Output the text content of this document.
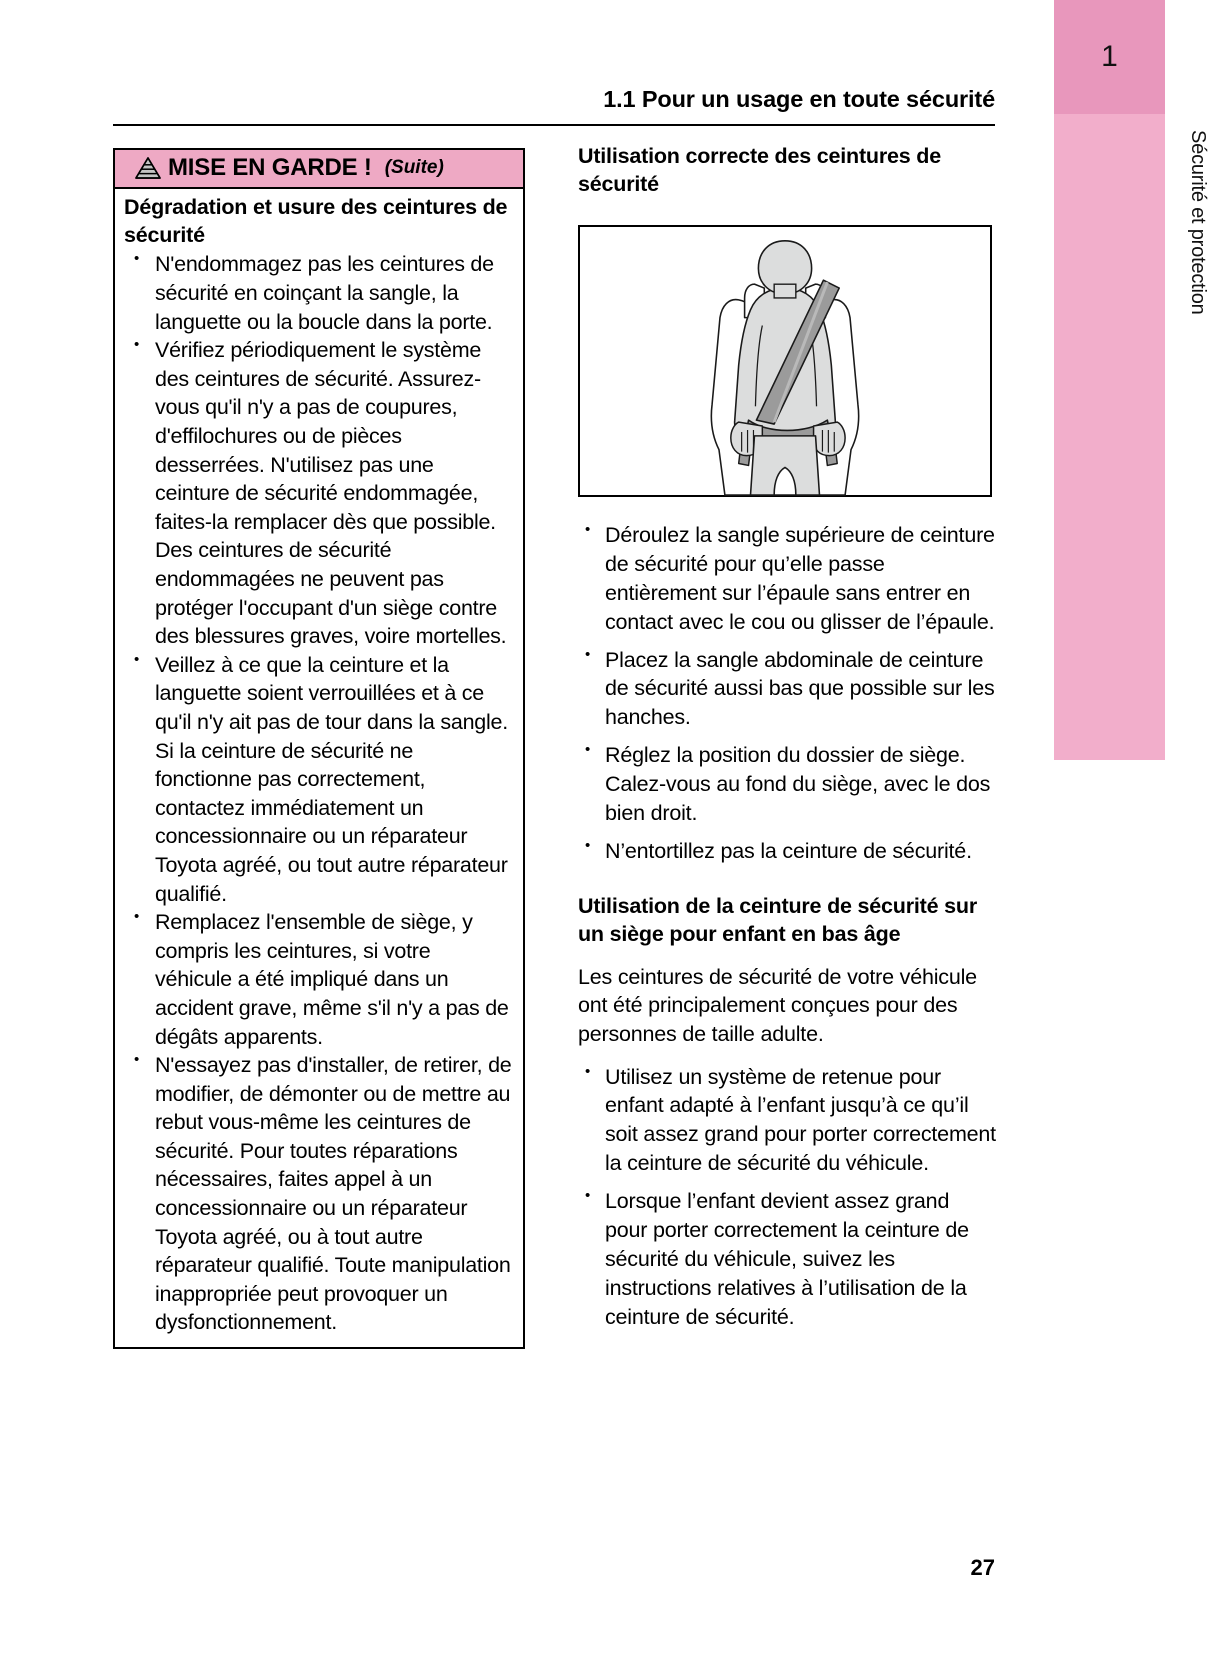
1
Sécurité et protection
1.1 Pour un usage en toute sécurité
MISE EN GARDE ! (Suite)

Dégradation et usure des ceintures de sécurité

• N'endommagez pas les ceintures de sécurité en coinçant la sangle, la languette ou la boucle dans la porte.
• Vérifiez périodiquement le système des ceintures de sécurité. Assurez-vous qu'il n'y a pas de coupures, d'effilochures ou de pièces desserrées. N'utilisez pas une ceinture de sécurité endommagée, faites-la remplacer dès que possible. Des ceintures de sécurité endommagées ne peuvent pas protéger l'occupant d'un siège contre des blessures graves, voire mortelles.
• Veillez à ce que la ceinture et la languette soient verrouillées et à ce qu'il n'y ait pas de tour dans la sangle. Si la ceinture de sécurité ne fonctionne pas correctement, contactez immédiatement un concessionnaire ou un réparateur Toyota agréé, ou tout autre réparateur qualifié.
• Remplacez l'ensemble de siège, y compris les ceintures, si votre véhicule a été impliqué dans un accident grave, même s'il n'y a pas de dégâts apparents.
• N'essayez pas d'installer, de retirer, de modifier, de démonter ou de mettre au rebut vous-même les ceintures de sécurité. Pour toutes réparations nécessaires, faites appel à un concessionnaire ou un réparateur Toyota agréé, ou à tout autre réparateur qualifié. Toute manipulation inappropriée peut provoquer un dysfonctionnement.

Utilisation correcte des ceintures de sécurité

• Déroulez la sangle supérieure de ceinture de sécurité pour qu’elle passe entièrement sur l’épaule sans entrer en contact avec le cou ou glisser de l’épaule.
• Placez la sangle abdominale de ceinture de sécurité aussi bas que possible sur les hanches.
• Réglez la position du dossier de siège. Calez-vous au fond du siège, avec le dos bien droit.
• N’entortillez pas la ceinture de sécurité.

Utilisation de la ceinture de sécurité sur un siège pour enfant en bas âge

Les ceintures de sécurité de votre véhicule ont été principalement conçues pour des personnes de taille adulte.

• Utilisez un système de retenue pour enfant adapté à l’enfant jusqu’à ce qu’il soit assez grand pour porter correctement la ceinture de sécurité du véhicule.
• Lorsque l’enfant devient assez grand pour porter correctement la ceinture de sécurité du véhicule, suivez les instructions relatives à l’utilisation de la ceinture de sécurité.
27
